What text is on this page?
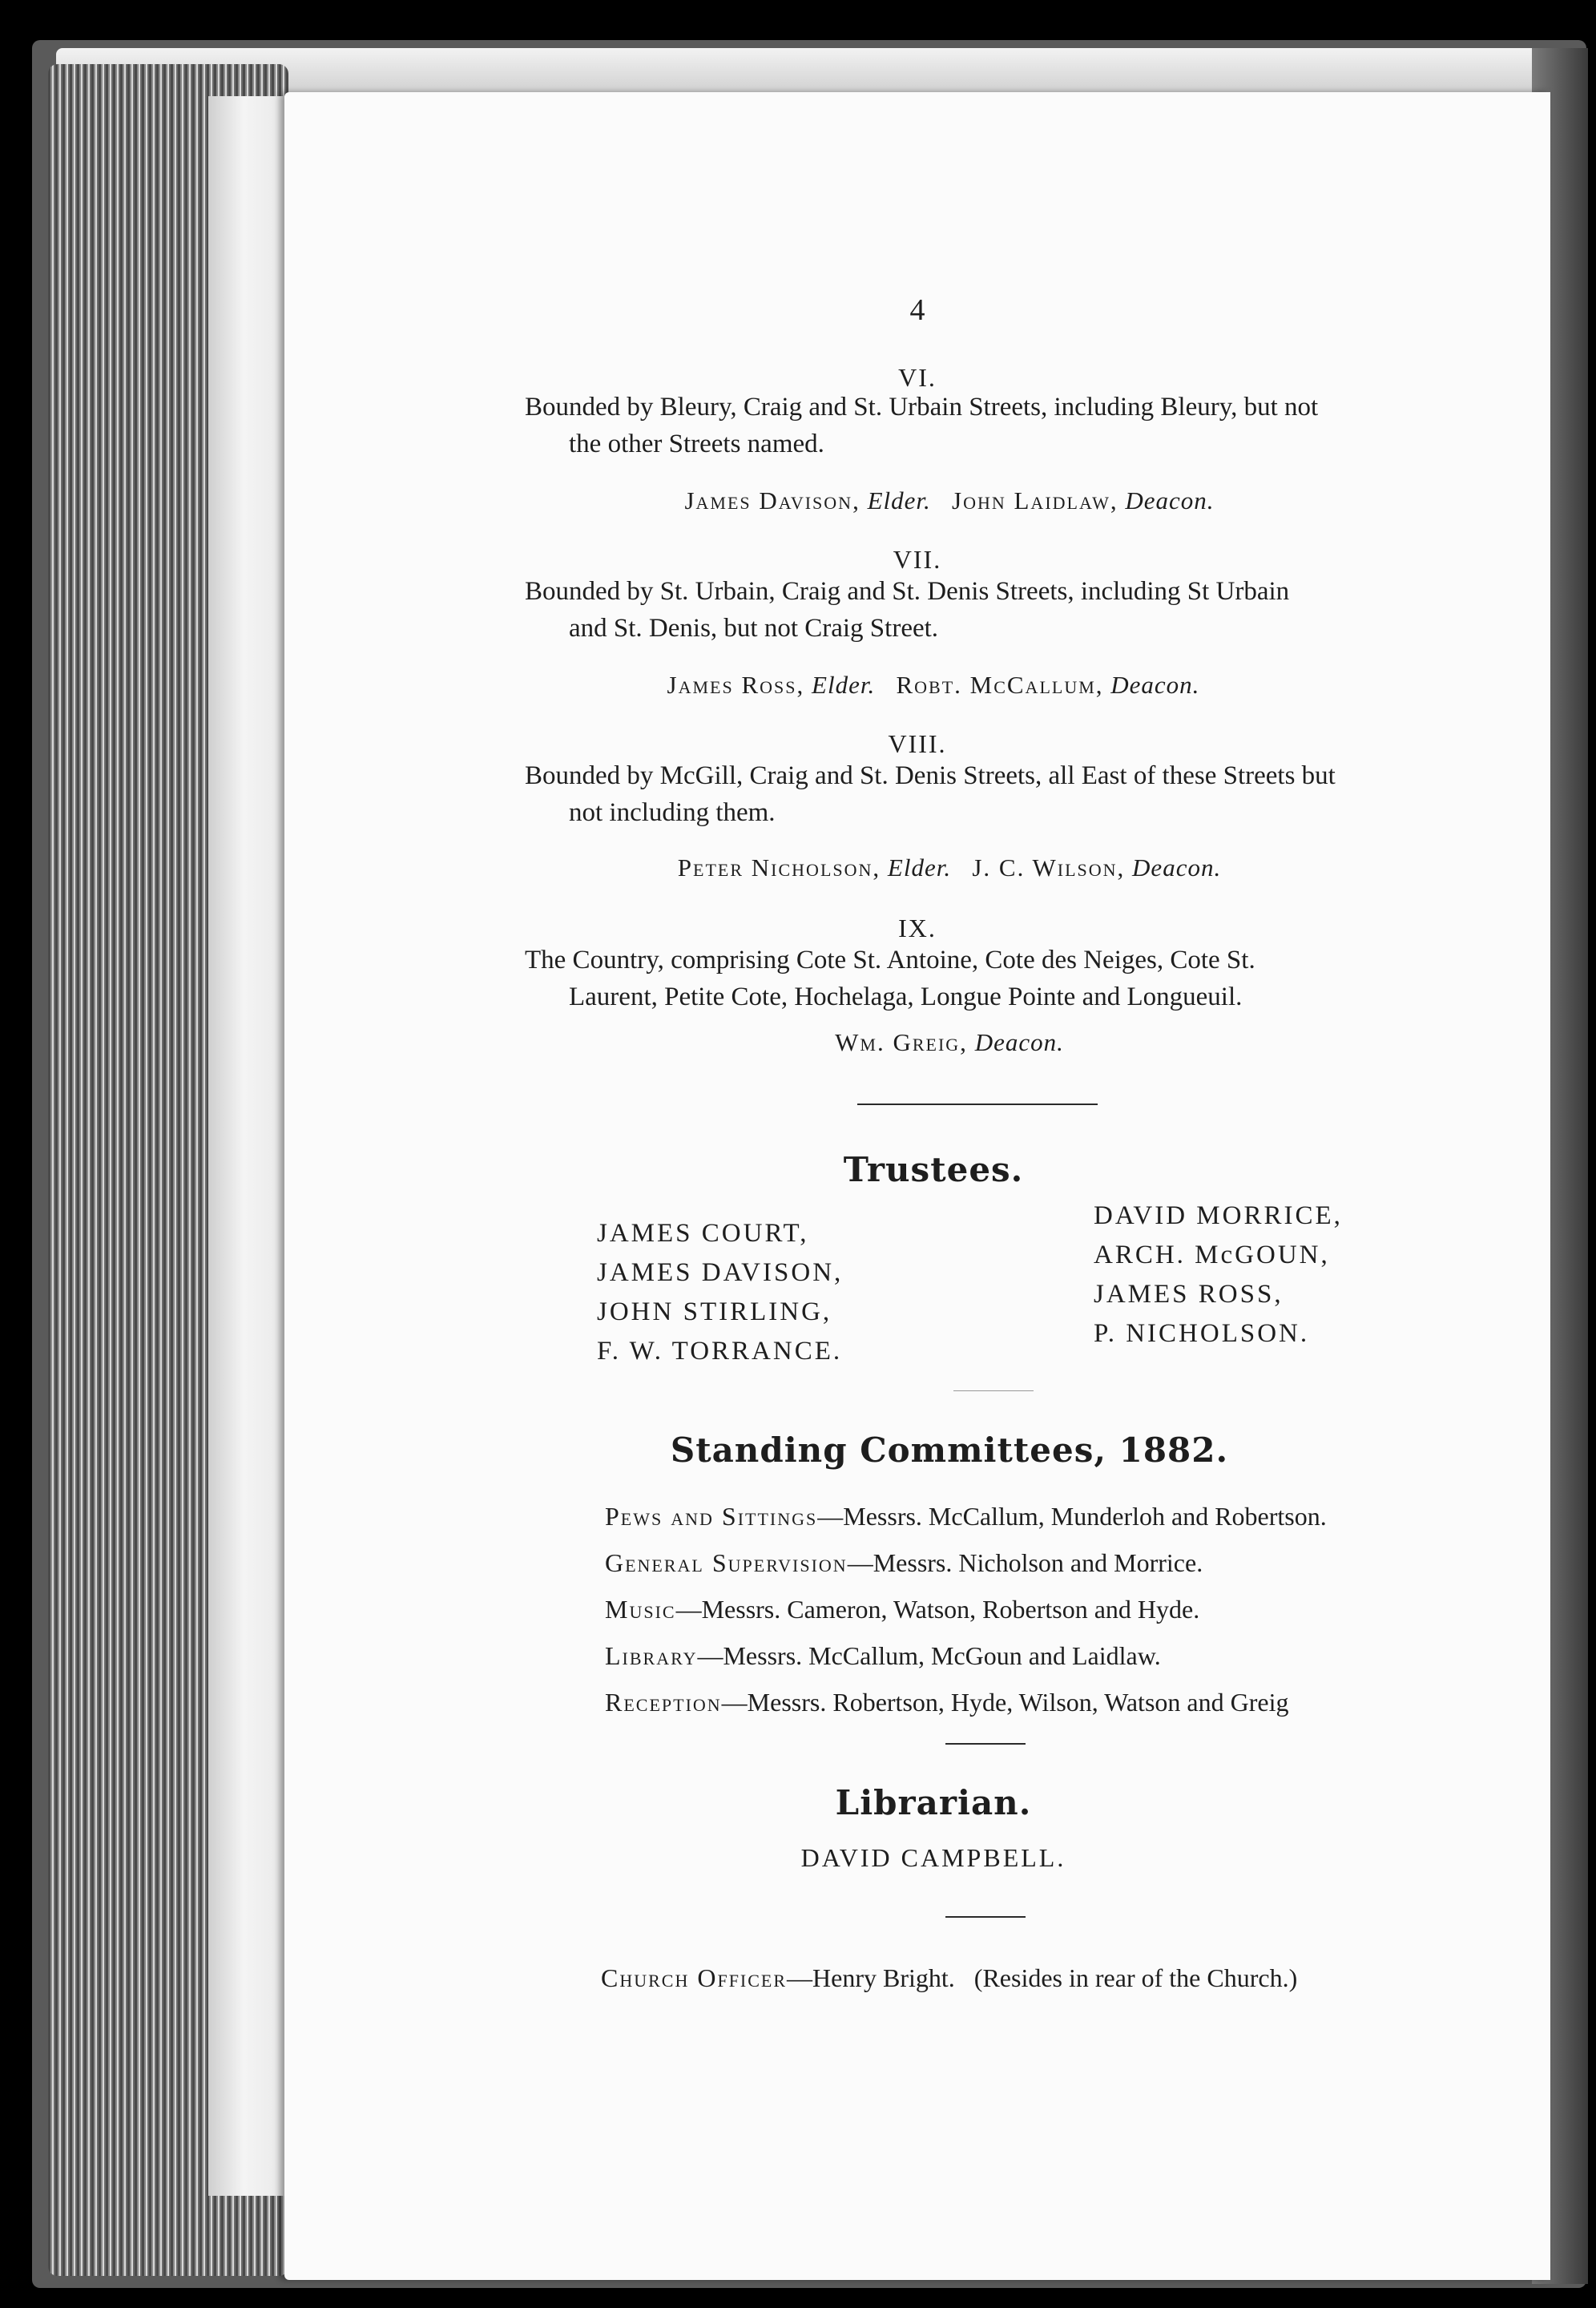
4
VI.
Bounded by Bleury, Craig and St. Urbain Streets, including Bleury, but not
the other Streets named.
James Davison, Elder. John Laidlaw, Deacon.
VII.
Bounded by St. Urbain, Craig and St. Denis Streets, including St Urbain
and St. Denis, but not Craig Street.
James Ross, Elder. Robt. McCallum, Deacon.
VIII.
Bounded by McGill, Craig and St. Denis Streets, all East of these Streets but
not including them.
Peter Nicholson, Elder. J. C. Wilson, Deacon.
IX.
The Country, comprising Cote St. Antoine, Cote des Neiges, Cote St.
Laurent, Petite Cote, Hochelaga, Longue Pointe and Longueuil.
Wm. Greig, Deacon.
Trustees.
JAMES COURT,
JAMES DAVISON,
JOHN STIRLING,
F. W. TORRANCE.
DAVID MORRICE,
ARCH. McGOUN,
JAMES ROSS,
P. NICHOLSON.
Standing Committees, 1882.
Pews and Sittings—Messrs. McCallum, Munderloh and Robertson.
General Supervision—Messrs. Nicholson and Morrice.
Music—Messrs. Cameron, Watson, Robertson and Hyde.
Library—Messrs. McCallum, McGoun and Laidlaw.
Reception—Messrs. Robertson, Hyde, Wilson, Watson and Greig
Librarian.
DAVID CAMPBELL.
Church Officer—Henry Bright. (Resides in rear of the Church.)
